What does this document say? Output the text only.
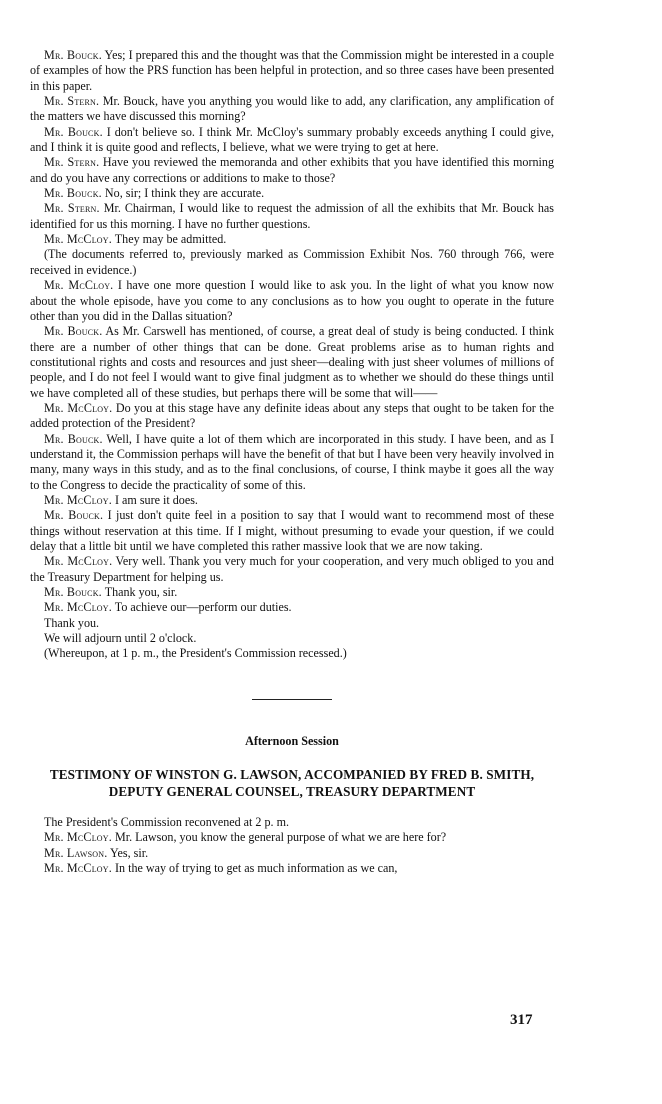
Mr. Bouck. Yes; I prepared this and the thought was that the Commission might be interested in a couple of examples of how the PRS function has been helpful in protection, and so three cases have been presented in this paper.

Mr. Stern. Mr. Bouck, have you anything you would like to add, any clarification, any amplification of the matters we have discussed this morning?

Mr. Bouck. I don't believe so. I think Mr. McCloy's summary probably exceeds anything I could give, and I think it is quite good and reflects, I believe, what we were trying to get at here.

Mr. Stern. Have you reviewed the memoranda and other exhibits that you have identified this morning and do you have any corrections or additions to make to those?

Mr. Bouck. No, sir; I think they are accurate.

Mr. Stern. Mr. Chairman, I would like to request the admission of all the exhibits that Mr. Bouck has identified for us this morning. I have no further questions.

Mr. McCloy. They may be admitted.

(The documents referred to, previously marked as Commission Exhibit Nos. 760 through 766, were received in evidence.)

Mr. McCloy. I have one more question I would like to ask you. In the light of what you know now about the whole episode, have you come to any conclusions as to how you ought to operate in the future other than you did in the Dallas situation?

Mr. Bouck. As Mr. Carswell has mentioned, of course, a great deal of study is being conducted. I think there are a number of other things that can be done. Great problems arise as to human rights and constitutional rights and costs and resources and just sheer—dealing with just sheer volumes of millions of people, and I do not feel I would want to give final judgment as to whether we should do these things until we have completed all of these studies, but perhaps there will be some that will——

Mr. McCloy. Do you at this stage have any definite ideas about any steps that ought to be taken for the added protection of the President?

Mr. Bouck. Well, I have quite a lot of them which are incorporated in this study. I have been, and as I understand it, the Commission perhaps will have the benefit of that but I have been very heavily involved in many, many ways in this study, and as to the final conclusions, of course, I think maybe it goes all the way to the Congress to decide the practicality of some of this.

Mr. McCloy. I am sure it does.

Mr. Bouck. I just don't quite feel in a position to say that I would want to recommend most of these things without reservation at this time. If I might, without presuming to evade your question, if we could delay that a little bit until we have completed this rather massive look that we are now taking.

Mr. McCloy. Very well. Thank you very much for your cooperation, and very much obliged to you and the Treasury Department for helping us.

Mr. Bouck. Thank you, sir.

Mr. McCloy. To achieve our—perform our duties.

Thank you.

We will adjourn until 2 o'clock.

(Whereupon, at 1 p. m., the President's Commission recessed.)

Afternoon Session
TESTIMONY OF WINSTON G. LAWSON, ACCOMPANIED BY FRED B. SMITH, DEPUTY GENERAL COUNSEL, TREASURY DEPARTMENT

The President's Commission reconvened at 2 p. m.

Mr. McCloy. Mr. Lawson, you know the general purpose of what we are here for?

Mr. Lawson. Yes, sir.

Mr. McCloy. In the way of trying to get as much information as we can,

317
